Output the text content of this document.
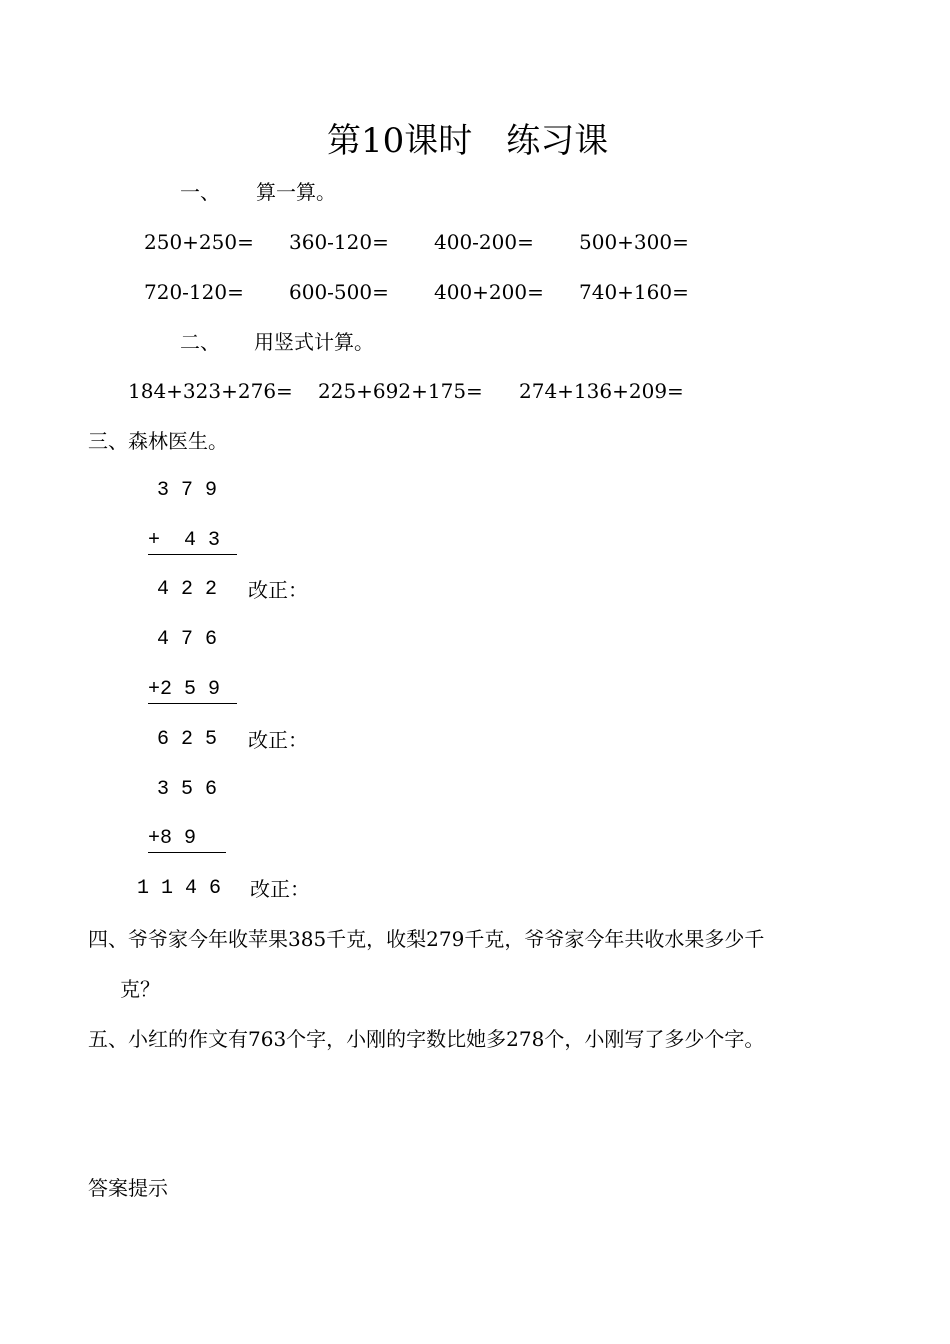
第10课时　练习课
一、 算一算。
250+250= 360-120= 400-200= 500+300=
720-120= 600-500= 400+200= 740+160=
二、 用竖式计算。
184+323+276= 225+692+175= 274+136+209=
三、森林医生。
3 7 9
+  4 3
4 2 2 改正：
4 7 6
+2 5 9
6 2 5 改正：
3 5 6
+8 9
1 1 4 6 改正：
四、爷爷家今年收苹果385千克，收梨279千克，爷爷家今年共收水果多少千
克？
五、小红的作文有763个字，小刚的字数比她多278个，小刚写了多少个字。
答案提示
